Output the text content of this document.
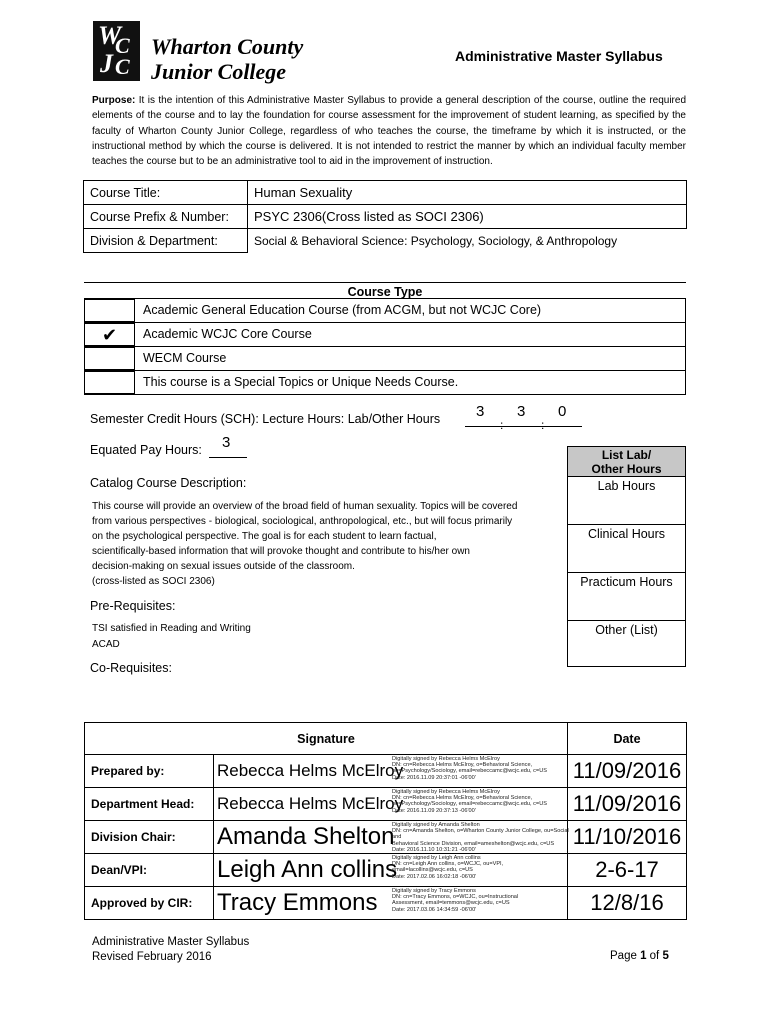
W
C
J C
Wharton County
Junior College
Administrative Master Syllabus
Purpose: It is the intention of this Administrative Master Syllabus to provide a general description of the course, outline the required elements of the course and to lay the foundation for course assessment for the improvement of student learning, as specified by the faculty of Wharton County Junior College, regardless of who teaches the course, the timeframe by which it is instructed, or the instructional method by which the course is delivered. It is not intended to restrict the manner by which an individual faculty member teaches the course but to be an administrative tool to aid in the improvement of instruction.
Course Title:	Human Sexuality
Course Prefix & Number:	PSYC 2306(Cross listed as SOCI 2306)
Division & Department:	Social & Behavioral Science: Psychology, Sociology, & Anthropology
Course Type
Academic General Education Course (from ACGM, but not WCJC Core)
✔	Academic WCJC Core Course
WECM Course
This course is a Special Topics or Unique Needs Course.
Semester Credit Hours (SCH): Lecture Hours: Lab/Other Hours 3
:
3
:
0
Equated Pay Hours: 3
Catalog Course Description:
This course will provide an overview of the broad field of human sexuality. Topics will be covered
from various perspectives - biological, sociological, anthropological, etc., but will focus primarily
on the psychological perspective. The goal is for each student to learn factual,
scientifically-based information that will provoke thought and contribute to his/her own
decision-making on sexual issues outside of the classroom.
(cross-listed as SOCI 2306)
Pre-Requisites:
TSI satisfied in Reading and Writing
ACAD
Co-Requisites:
List Lab/
Other Hours
Lab Hours
Clinical Hours
Practicum Hours
Other (List)
Signature		Date
Prepared by:	Rebecca Helms McElroy
Digitally signed by Rebecca Helms McElroy
DN: cn=Rebecca Helms McElroy, o=Behavioral Science,
ou=Psychology/Sociology, email=rebeccamc@wcjc.edu, c=US
Date: 2016.11.09 20:37:01 -06'00'	11/09/2016
Department Head:	Rebecca Helms McElroy
Digitally signed by Rebecca Helms McElroy
DN: cn=Rebecca Helms McElroy, o=Behavioral Science,
ou=Psychology/Sociology, email=rebeccamc@wcjc.edu, c=US
Date: 2016.11.09 20:37:13 -06'00'	11/09/2016
Division Chair:	Amanda Shelton
Digitally signed by Amanda Shelton
DN: cn=Amanda Shelton, o=Wharton County Junior College, ou=Social and
Behavioral Science Division, email=ameshelton@wcjc.edu, c=US
Date: 2016.11.10 10:31:21 -06'00'	11/10/2016
Dean/VPI:	Leigh Ann collins
Digitally signed by Leigh Ann collins
DN: cn=Leigh Ann collins, o=WCJC, ou=VPI,
email=lacollins@wcjc.edu, c=US
Date: 2017.02.06 16:02:18 -06'00'	2-6-17
Approved by CIR:	Tracy Emmons Digitally signed by Tracy Emmons
DN: cn=Tracy Emmons, o=WCJC, ou=Instructional
Assessment, email=temmons@wcjc.edu, c=US
Date: 2017.03.06 14:34:59 -06'00'	12/8/16
Administrative Master Syllabus
Revised February 2016	Page 1 of 5
